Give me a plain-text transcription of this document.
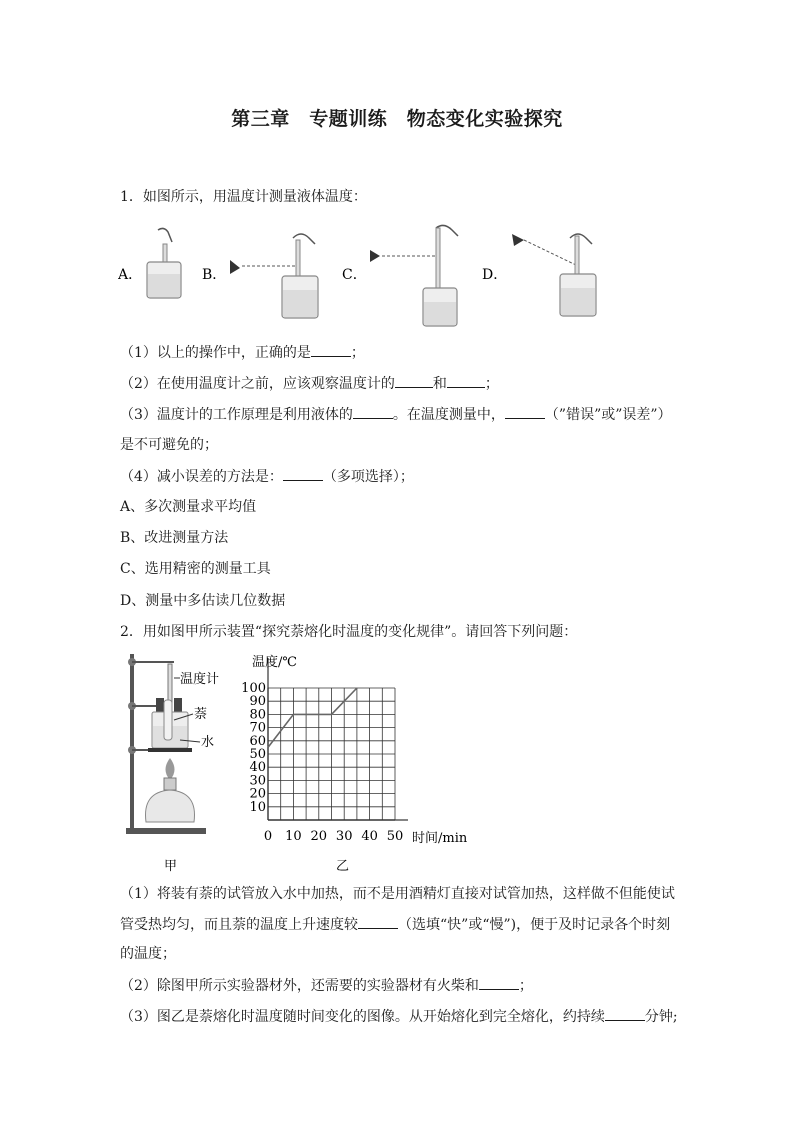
第三章　专题训练　物态变化实验探究
1．如图所示，用温度计测量液体温度：
A．	B．	C．	D．
（1）以上的操作中，正确的是	；
（2）在使用温度计之前，应该观察温度计的	和	；
（3）温度计的工作原理是利用液体的	。在温度测量中，	（”错误”或”误差”）
是不可避免的；
（4）减小误差的方法是：	（多项选择）；
A、多次测量求平均值
B、改进测量方法
C、选用精密的测量工具
D、测量中多估读几位数据
2．用如图甲所示装置“探究萘熔化时温度的变化规律”。请回答下列问题：
温度计
萘
水
甲
0 10 20 30 40 50
10
20
30
40
50
60
70
80
90
100
温度/℃
时间/min
乙
（1）将装有萘的试管放入水中加热，而不是用酒精灯直接对试管加热，这样做不但能使试
管受热均匀，而且萘的温度上升速度较	（选填“快”或“慢”)，便于及时记录各个时刻
的温度；
（2）除图甲所示实验器材外，还需要的实验器材有火柴和	；
（3）图乙是萘熔化时温度随时间变化的图像。从开始熔化到完全熔化，约持续	分钟;
